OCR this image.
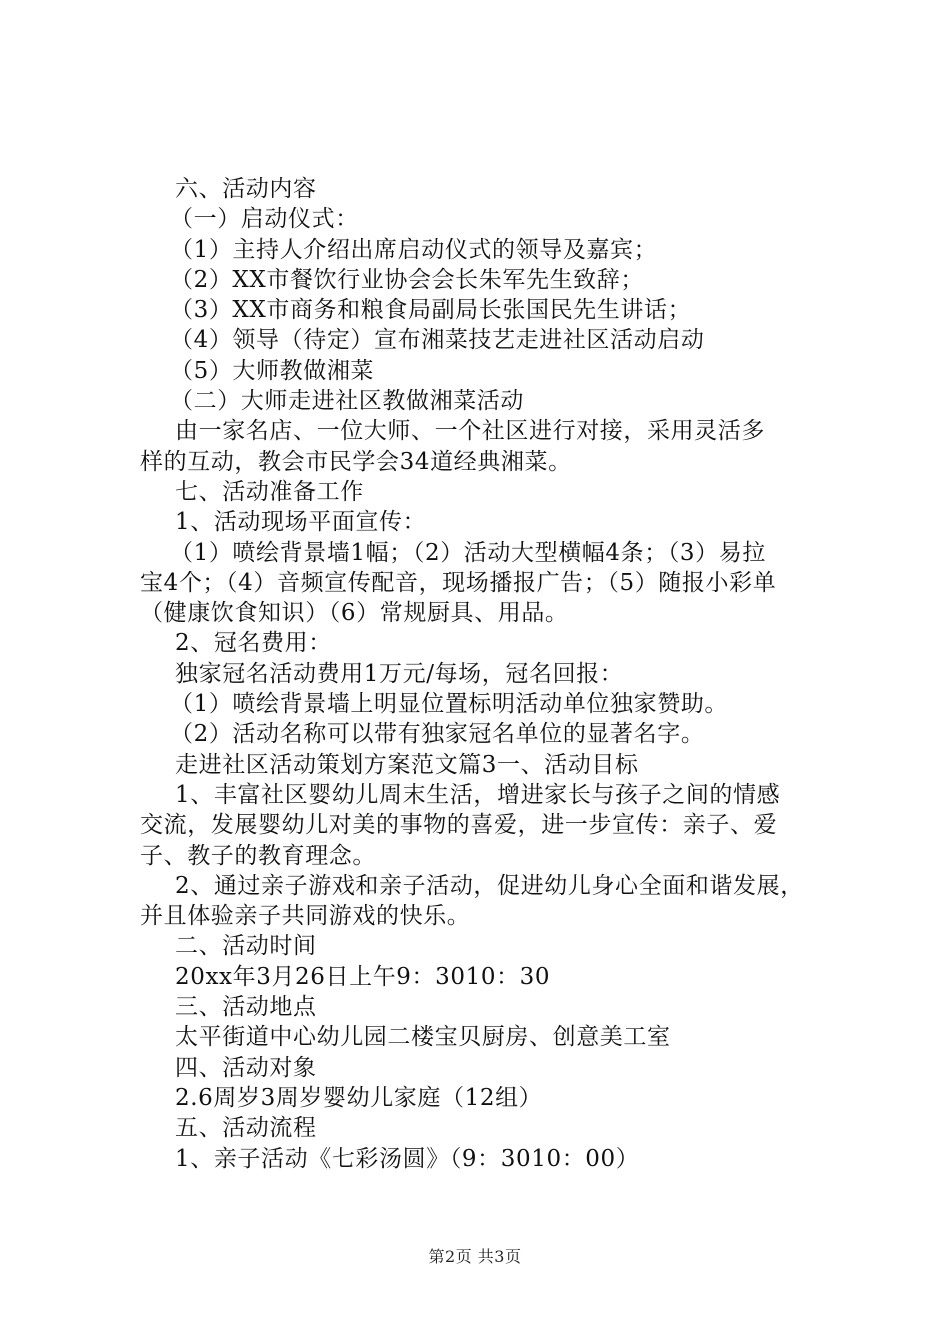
六、活动内容
（一）启动仪式：
（1）主持人介绍出席启动仪式的领导及嘉宾；
（2）XX市餐饮行业协会会长朱军先生致辞；
（3）XX市商务和粮食局副局长张国民先生讲话；
（4）领导（待定）宣布湘菜技艺走进社区活动启动
（5）大师教做湘菜
（二）大师走进社区教做湘菜活动
由一家名店、一位大师、一个社区进行对接，采用灵活多
样的互动，教会市民学会34道经典湘菜。
七、活动准备工作
1、活动现场平面宣传：
（1）喷绘背景墙1幅；（2）活动大型横幅4条；（3）易拉
宝4个；（4）音频宣传配音，现场播报广告；（5）随报小彩单
（健康饮食知识）（6）常规厨具、用品。
2、冠名费用：
独家冠名活动费用1万元/每场，冠名回报：
（1）喷绘背景墙上明显位置标明活动单位独家赞助。
（2）活动名称可以带有独家冠名单位的显著名字。
走进社区活动策划方案范文篇3一、活动目标
1、丰富社区婴幼儿周末生活，增进家长与孩子之间的情感
交流，发展婴幼儿对美的事物的喜爱，进一步宣传：亲子、爱
子、教子的教育理念。
2、通过亲子游戏和亲子活动，促进幼儿身心全面和谐发展，
并且体验亲子共同游戏的快乐。
二、活动时间
20xx年3月26日上午9：3010：30
三、活动地点
太平街道中心幼儿园二楼宝贝厨房、创意美工室
四、活动对象
2.6周岁3周岁婴幼儿家庭（12组）
五、活动流程
1、亲子活动《七彩汤圆》（9：3010：00）
第2页 共3页
